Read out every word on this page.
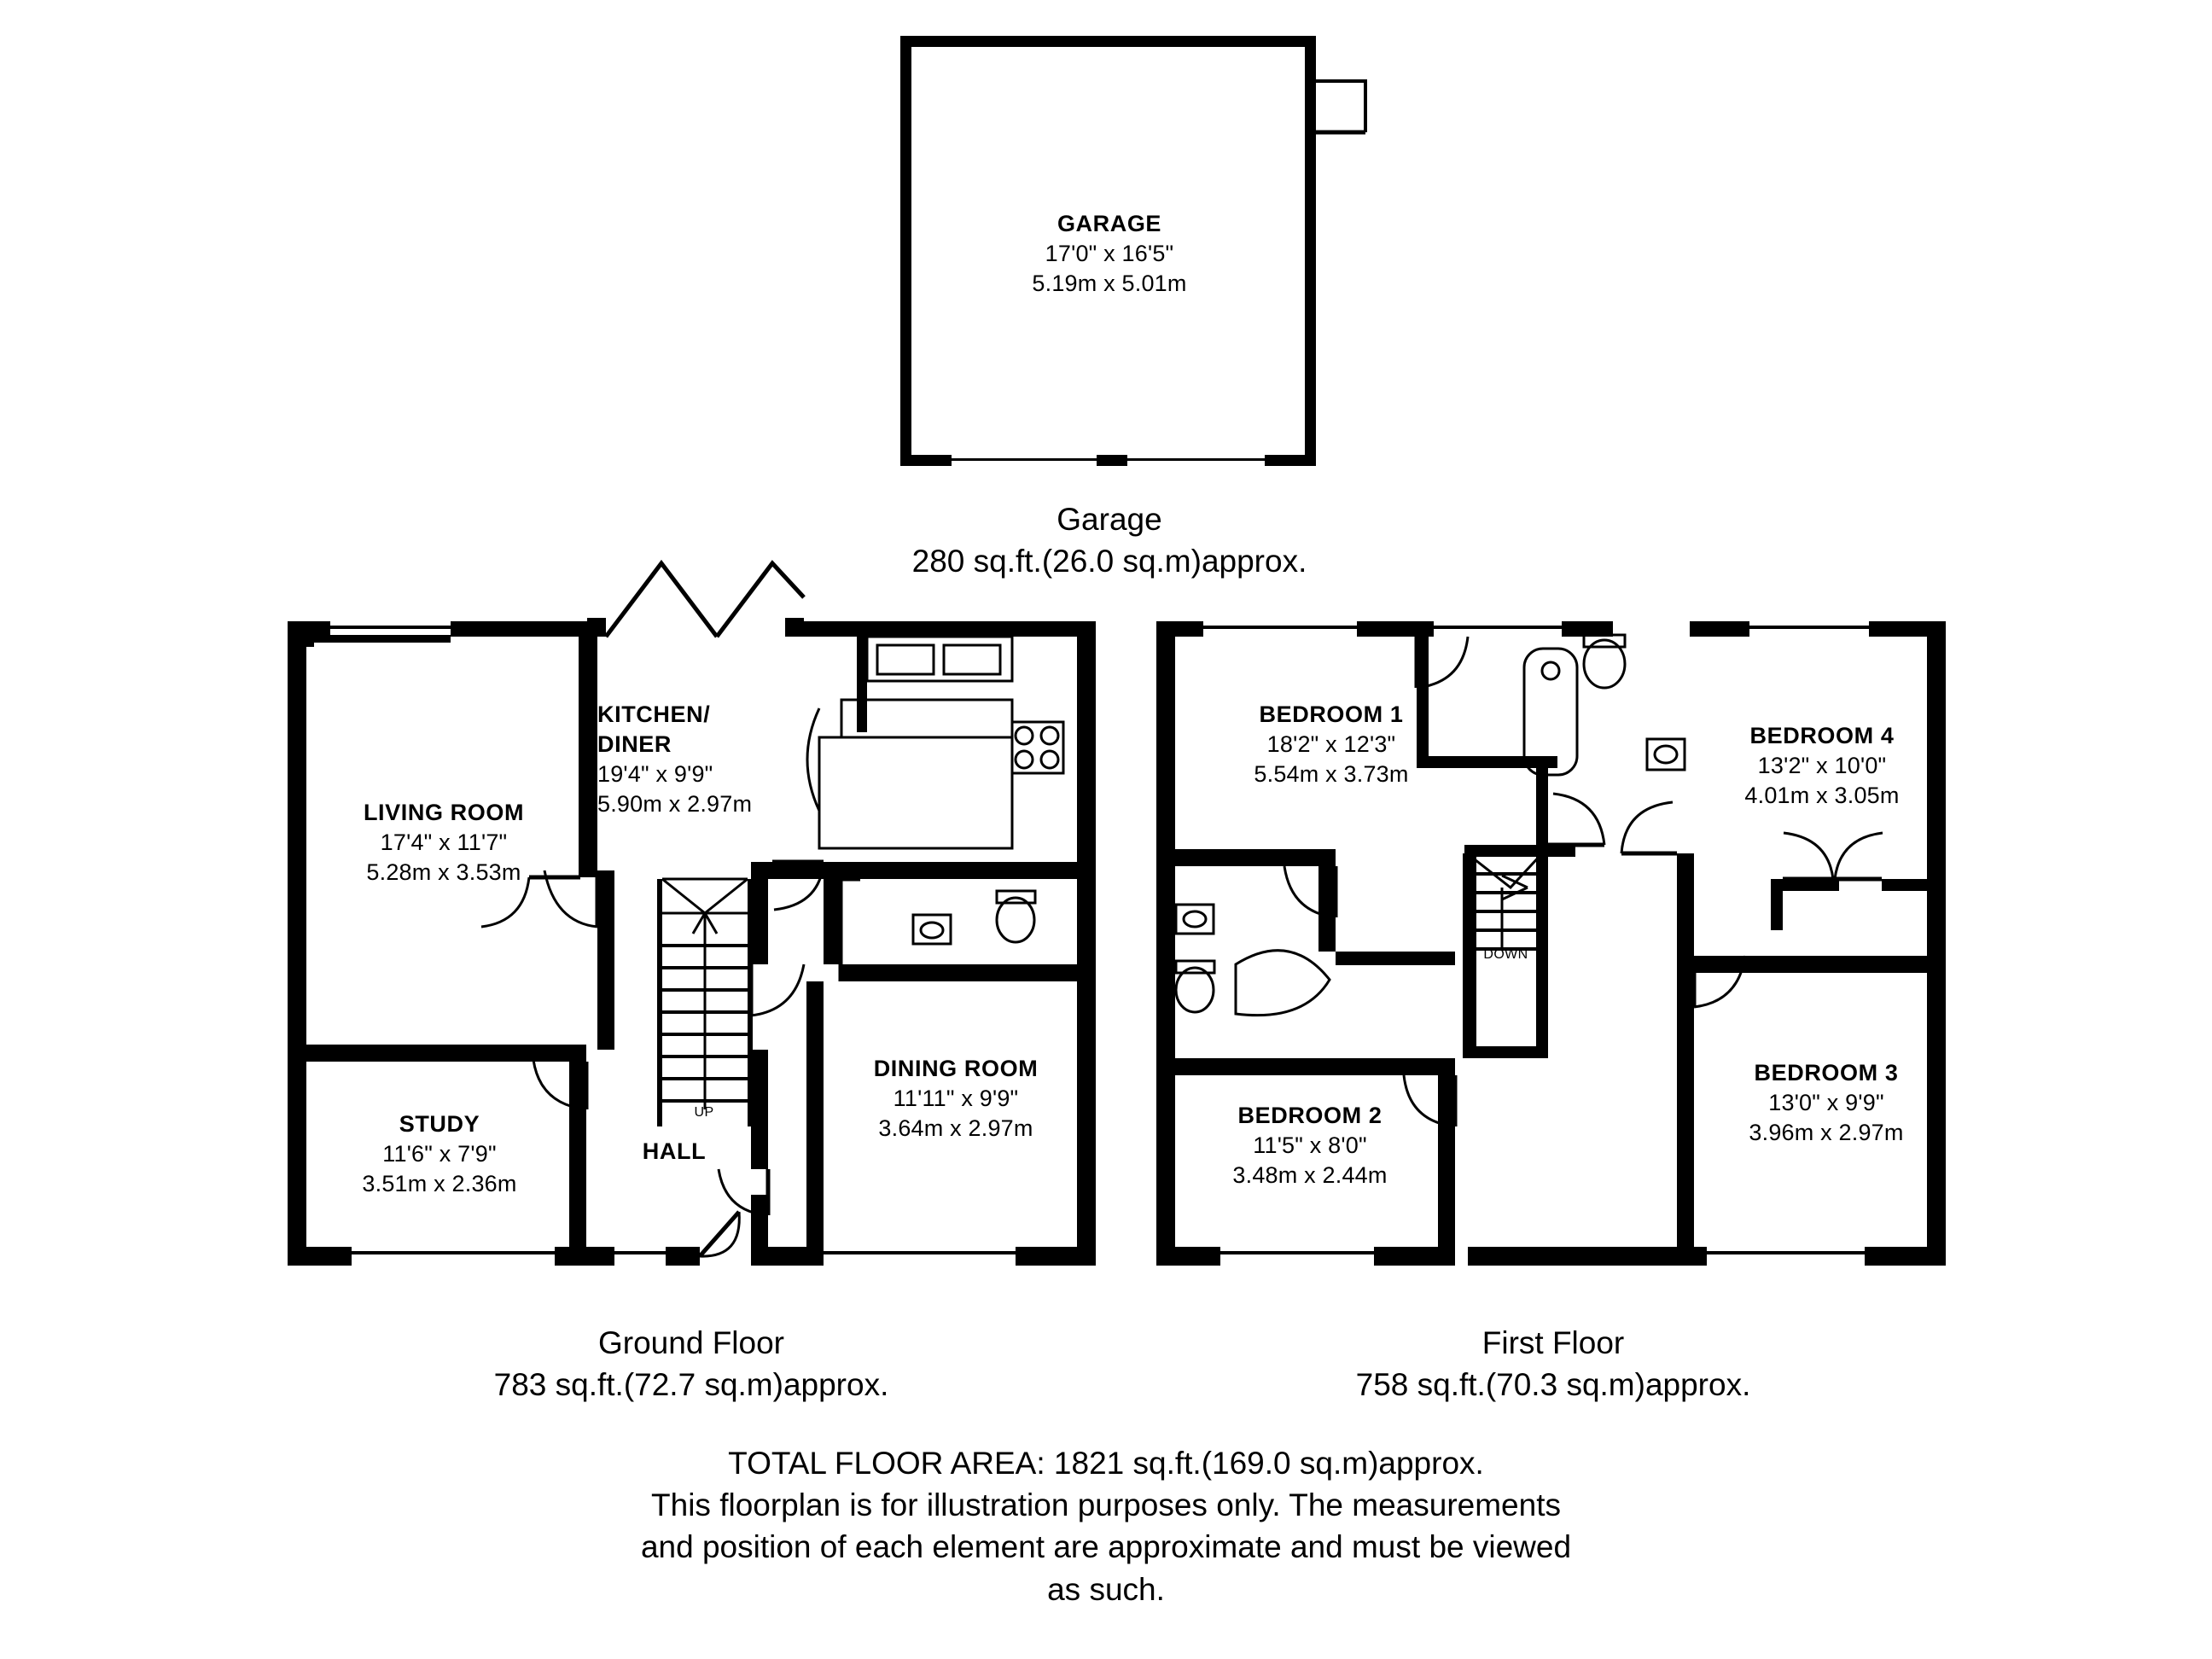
GARAGE
17'0" x 16'5"
5.19m x 5.01m
Garage
280 sq.ft.(26.0 sq.m)approx.
LIVING ROOM
17'4" x 11'7"
5.28m x 3.53m
KITCHEN/
DINER
19'4" x 9'9"
5.90m x 2.97m
STUDY
11'6" x 7'9"
3.51m x 2.36m
DINING ROOM
11'11" x 9'9"
3.64m x 2.97m
HALL
UP
Ground Floor
783 sq.ft.(72.7 sq.m)approx.
BEDROOM 1
18'2" x 12'3"
5.54m x 3.73m
BEDROOM 4
13'2" x 10'0"
4.01m x 3.05m
BEDROOM 2
11'5" x 8'0"
3.48m x 2.44m
BEDROOM 3
13'0" x 9'9"
3.96m x 2.97m
DOWN
First Floor
758 sq.ft.(70.3 sq.m)approx.
TOTAL FLOOR AREA: 1821 sq.ft.(169.0 sq.m)approx.
This floorplan is for illustration purposes only. The measurements
and position of each element are approximate and must be viewed
as such.
